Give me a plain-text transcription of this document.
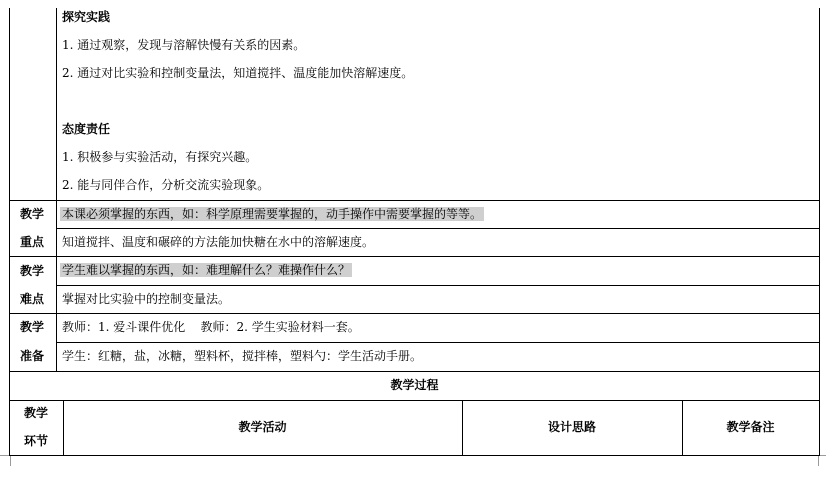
探究实践
1. 通过观察，发现与溶解快慢有关系的因素。
2. 通过对比实验和控制变量法，知道搅拌、温度能加快溶解速度。
态度责任
1. 积极参与实验活动，有探究兴趣。
2. 能与同伴合作，分析交流实验现象。
教学
重点
本课必须掌握的东西，如：科学原理需要掌握的，动手操作中需要掌握的等等。
知道搅拌、温度和碾碎的方法能加快糖在水中的溶解速度。
教学
难点
学生难以掌握的东西，如：难理解什么？难操作什么？
掌握对比实验中的控制变量法。
教学
准备
教师：1. 爱斗课件优化    教师：2. 学生实验材料一套。
学生：红糖，盐，冰糖，塑料杯，搅拌棒，塑料勺：学生活动手册。
教学过程
教学
环节
教学活动	设计思路	教学备注
